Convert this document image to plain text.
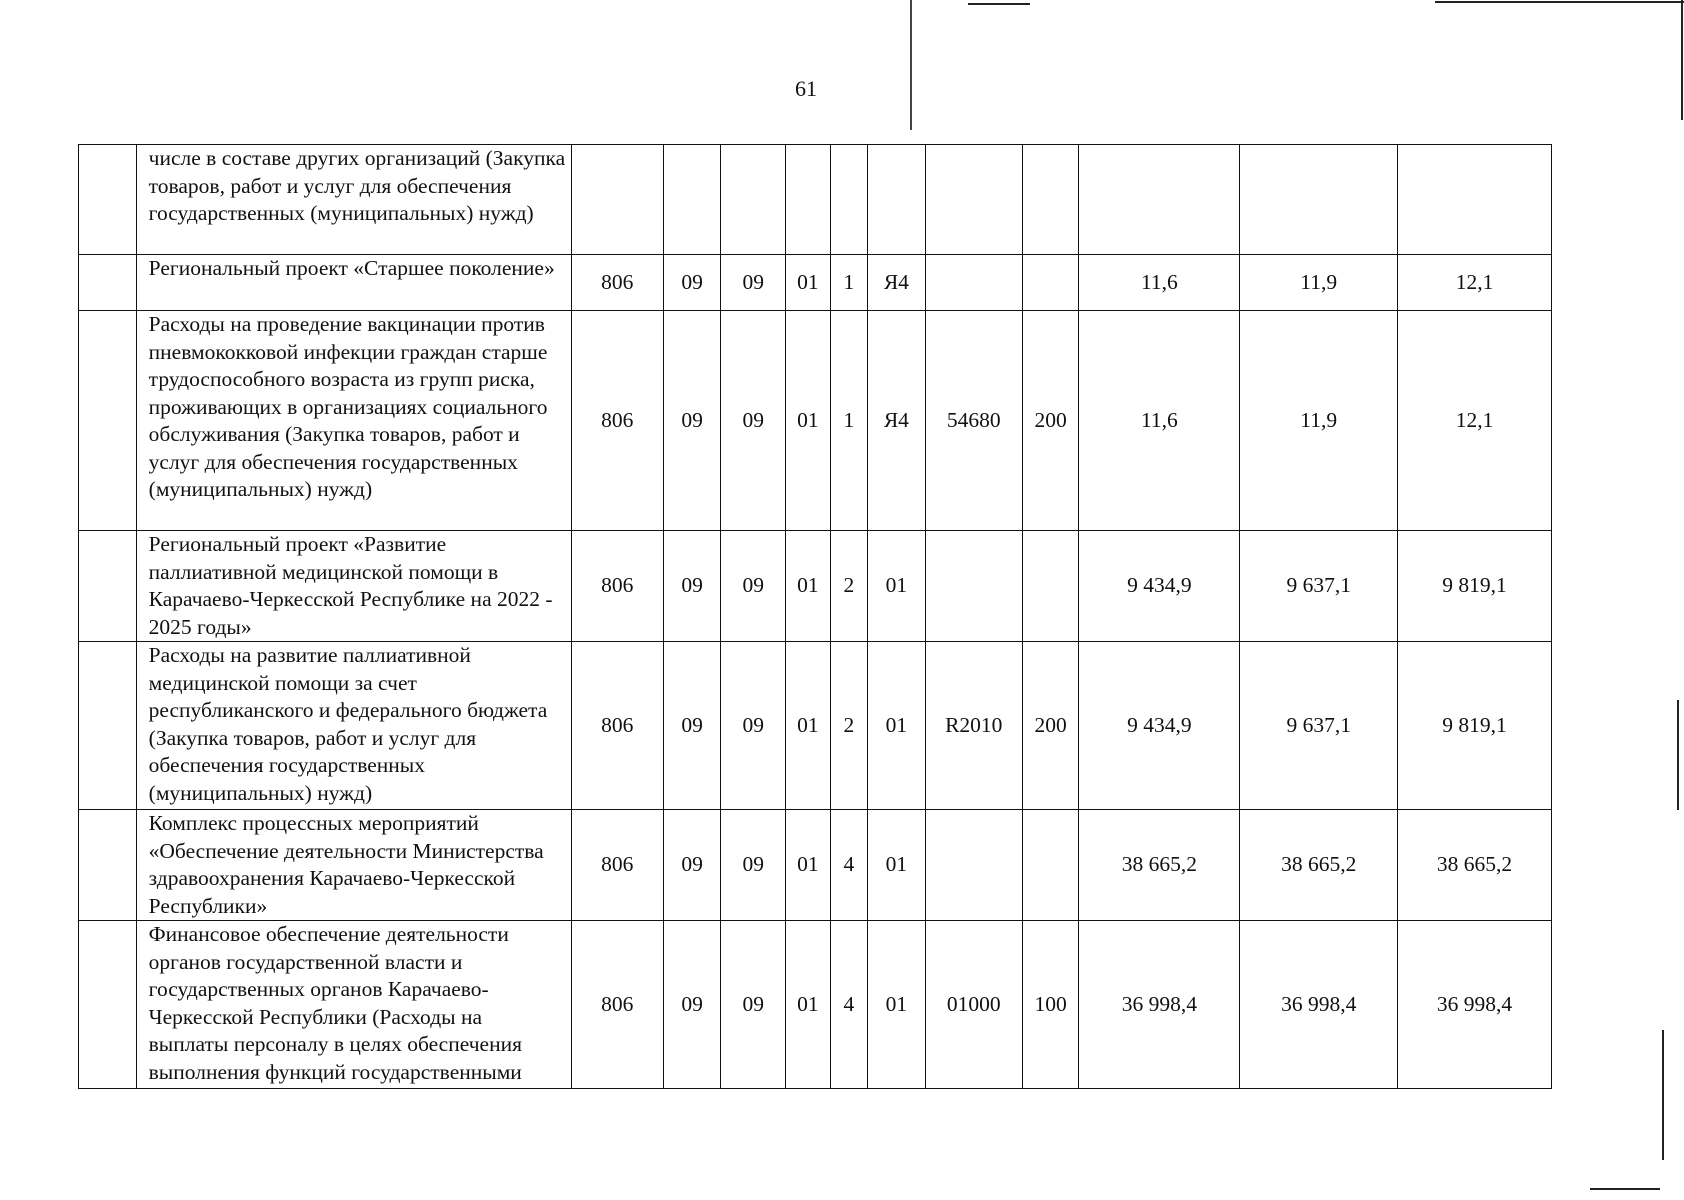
61
	числе в составе других организаций (Закупка товаров, работ и услуг для обеспечения государственных (муниципальных) нужд)											
	Региональный проект «Старшее поколение»	806	09	09	01	1	Я4			11,6	11,9	12,1
	Расходы на проведение вакцинации против пневмококковой инфекции граждан старше трудоспособного возраста из групп риска, проживающих в организациях социального обслуживания (Закупка товаров, работ и услуг для обеспечения государственных (муниципальных) нужд)	806	09	09	01	1	Я4	54680	200	11,6	11,9	12,1
	Региональный проект «Развитие паллиативной медицинской помощи в Карачаево-Черкесской Республике на 2022 - 2025 годы»	806	09	09	01	2	01			9 434,9	9 637,1	9 819,1
	Расходы на развитие паллиативной медицинской помощи за счет республиканского и федерального бюджета (Закупка товаров, работ и услуг для обеспечения государственных (муниципальных) нужд)	806	09	09	01	2	01	R2010	200	9 434,9	9 637,1	9 819,1
	Комплекс процессных мероприятий «Обеспечение деятельности Министерства здравоохранения Карачаево-Черкесской Республики»	806	09	09	01	4	01			38 665,2	38 665,2	38 665,2
	Финансовое обеспечение деятельности органов государственной власти и государственных органов Карачаево-Черкесской Республики (Расходы на выплаты персоналу в целях обеспечения выполнения функций государственными	806	09	09	01	4	01	01000	100	36 998,4	36 998,4	36 998,4
